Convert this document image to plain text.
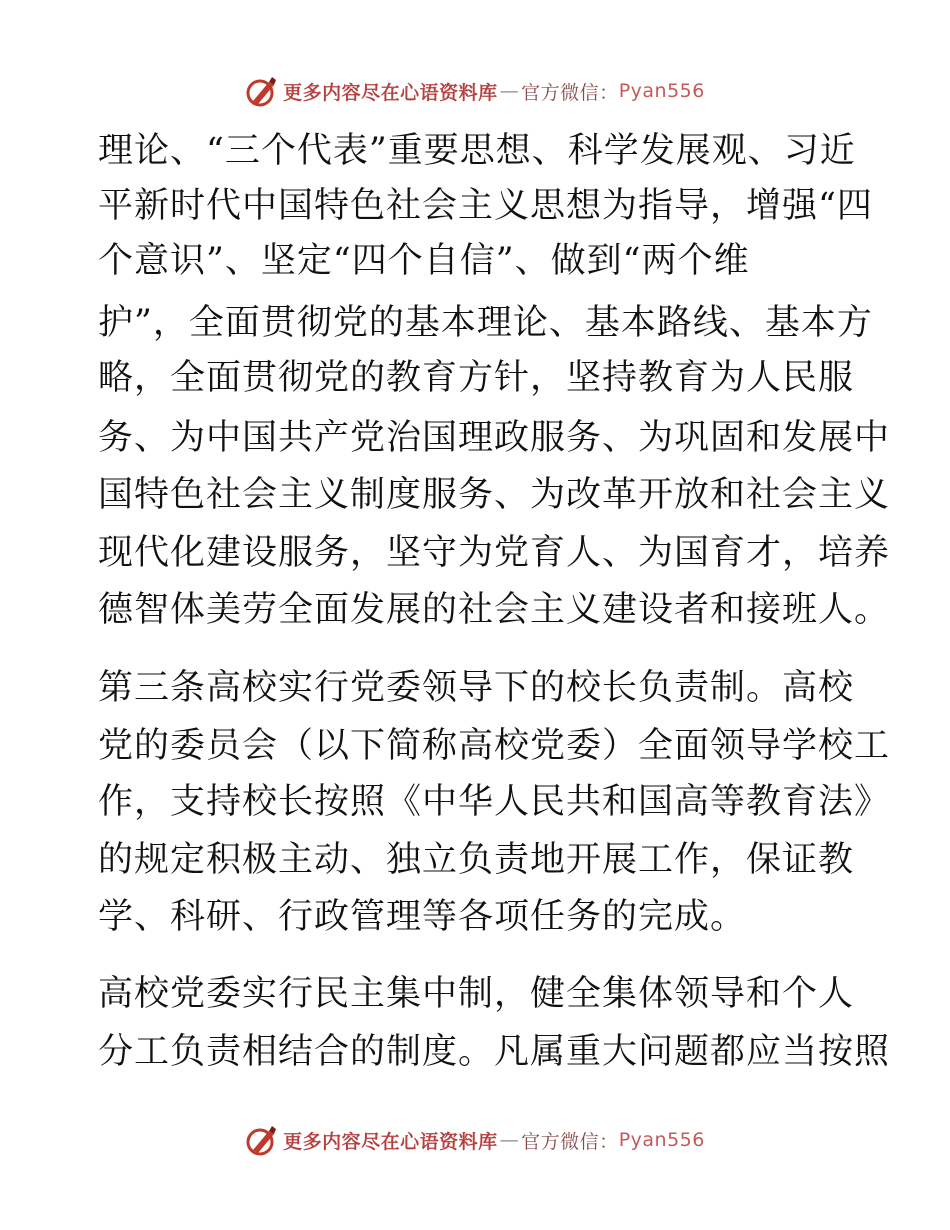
更多内容尽在心语资料库 — 官方微信： Pyan556
理论、“三个代表”重要思想、科学发展观、习近
平新时代中国特色社会主义思想为指导，增强“四
个意识”、坚定“四个自信”、做到“两个维
护”，全面贯彻党的基本理论、基本路线、基本方
略，全面贯彻党的教育方针，坚持教育为人民服
务、为中国共产党治国理政服务、为巩固和发展中
国特色社会主义制度服务、为改革开放和社会主义
现代化建设服务，坚守为党育人、为国育才，培养
德智体美劳全面发展的社会主义建设者和接班人。
第三条高校实行党委领导下的校长负责制。高校
党的委员会（以下简称高校党委）全面领导学校工
作，支持校长按照《中华人民共和国高等教育法》
的规定积极主动、独立负责地开展工作，保证教
学、科研、行政管理等各项任务的完成。
高校党委实行民主集中制，健全集体领导和个人
分工负责相结合的制度。凡属重大问题都应当按照
更多内容尽在心语资料库 — 官方微信： Pyan556
